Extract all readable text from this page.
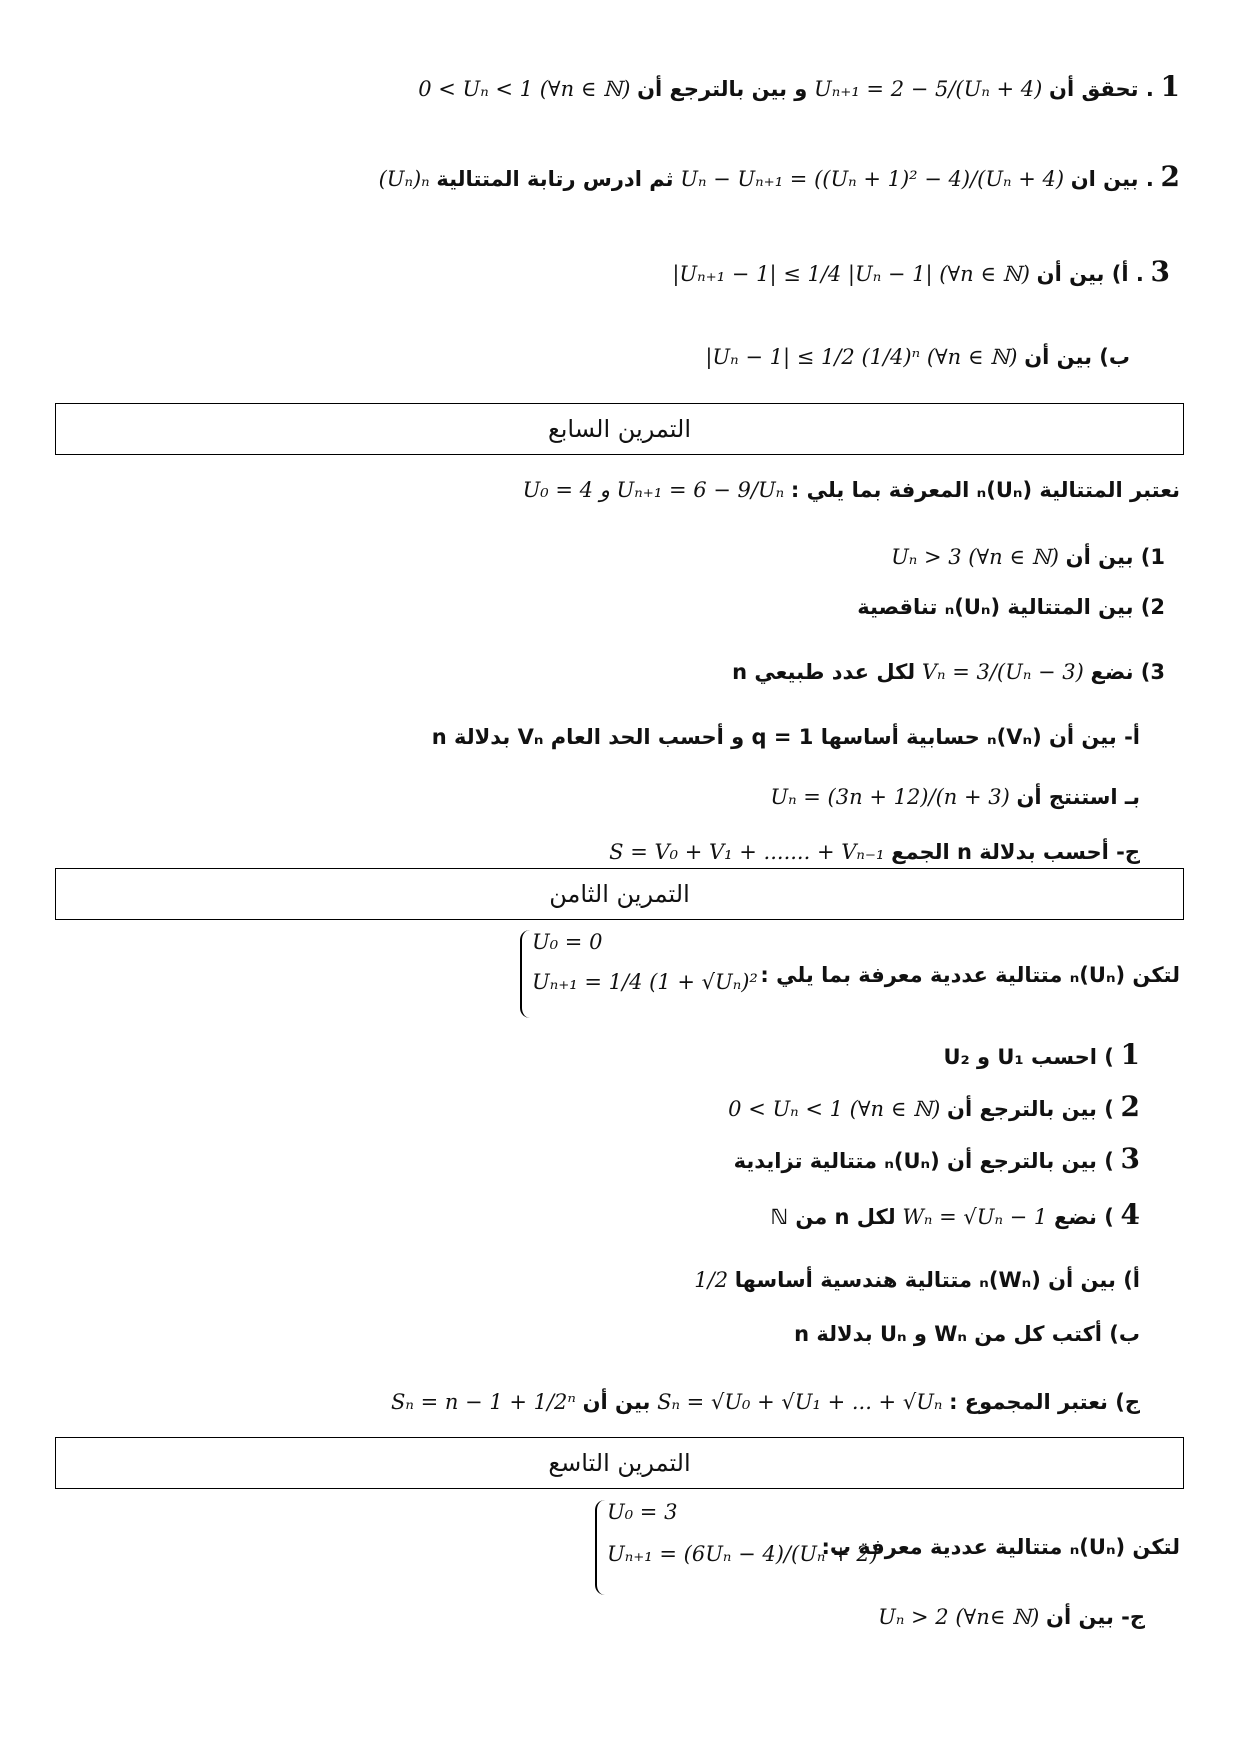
1 . تحقق أن Uₙ₊₁ = 2 − 5/(Uₙ + 4) و بين بالترجع أن 0 < Uₙ < 1 (∀n ∈ ℕ)
2 . بين ان Uₙ − Uₙ₊₁ = ((Uₙ + 1)² − 4)/(Uₙ + 4) ثم ادرس رتابة المتتالية (Uₙ)ₙ
3 . أ) بين أن |Uₙ₊₁ − 1| ≤ 1/4 |Uₙ − 1| (∀n ∈ ℕ)
ب) بين أن |Uₙ − 1| ≤ 1/2 (1/4)ⁿ (∀n ∈ ℕ)
التمرين السابع
نعتبر المتتالية (Uₙ)ₙ المعرفة بما يلي : U₀ = 4 و Uₙ₊₁ = 6 − 9/Uₙ
1) بين أن Uₙ > 3 (∀n ∈ ℕ)
2) بين المتتالية (Uₙ)ₙ تناقصية
3) نضع Vₙ = 3/(Uₙ − 3) لكل عدد طبيعي n
أ- بين أن (Vₙ)ₙ حسابية أساسها q = 1 و أحسب الحد العام Vₙ بدلالة n
بـ استنتج أن Uₙ = (3n + 12)/(n + 3)
ج- أحسب بدلالة n الجمع S = V₀ + V₁ + ....... + Vₙ₋₁
التمرين الثامن
لتكن (Uₙ)ₙ متتالية عددية معرفة بما يلي :
U₀ = 0
Uₙ₊₁ = 1/4 (1 + √Uₙ)²
1 ) احسب U₁ و U₂
2 ) بين بالترجع أن 0 < Uₙ < 1 (∀n ∈ ℕ)
3 ) بين بالترجع أن (Uₙ)ₙ متتالية تزايدية
4 ) نضع Wₙ = √Uₙ − 1 لكل n من ℕ
أ) بين أن (Wₙ)ₙ متتالية هندسية أساسها 1/2
ب) أكتب كل من Wₙ و Uₙ بدلالة n
ج) نعتبر المجموع : Sₙ = √U₀ + √U₁ + ... + √Uₙ بين أن Sₙ = n − 1 + 1/2ⁿ
التمرين التاسع
لتكن (Uₙ)ₙ متتالية عددية معرفة ب:
U₀ = 3
Uₙ₊₁ = (6Uₙ − 4)/(Uₙ + 2)
ج- بين أن Uₙ > 2 (∀n∈ ℕ)
